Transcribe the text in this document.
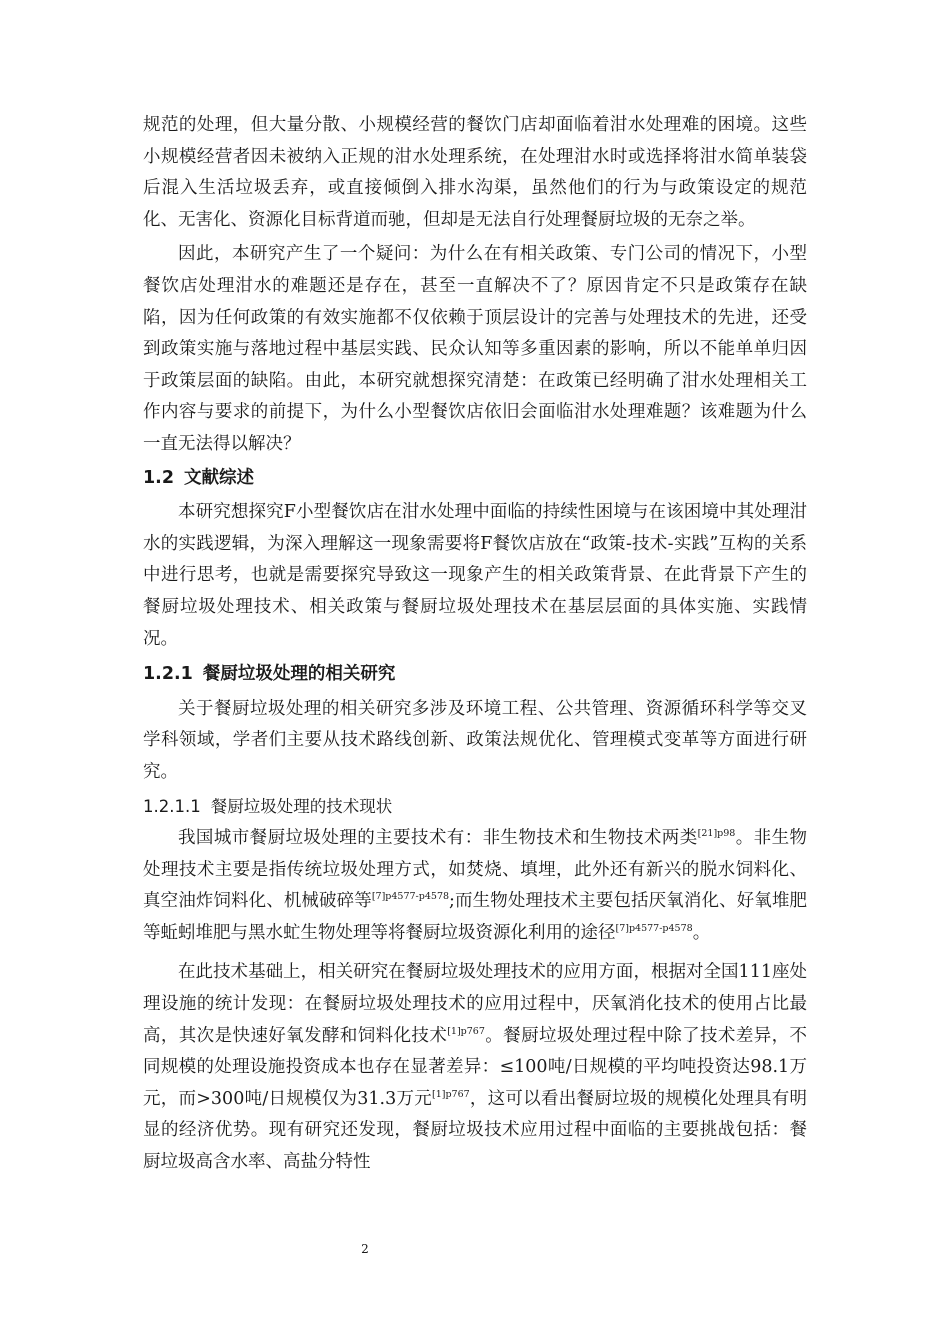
规范的处理，但大量分散、小规模经营的餐饮门店却面临着泔水处理难的困境。这些小规模经营者因未被纳入正规的泔水处理系统，在处理泔水时或选择将泔水简单装袋后混入生活垃圾丢弃，或直接倾倒入排水沟渠，虽然他们的行为与政策设定的规范化、无害化、资源化目标背道而驰，但却是无法自行处理餐厨垃圾的无奈之举。

因此，本研究产生了一个疑问：为什么在有相关政策、专门公司的情况下，小型餐饮店处理泔水的难题还是存在，甚至一直解决不了？原因肯定不只是政策存在缺陷，因为任何政策的有效实施都不仅依赖于顶层设计的完善与处理技术的先进，还受到政策实施与落地过程中基层实践、民众认知等多重因素的影响，所以不能单单归因于政策层面的缺陷。由此，本研究就想探究清楚：在政策已经明确了泔水处理相关工作内容与要求的前提下，为什么小型餐饮店依旧会面临泔水处理难题？该难题为什么一直无法得以解决？

1.2 文献综述

本研究想探究F小型餐饮店在泔水处理中面临的持续性困境与在该困境中其处理泔水的实践逻辑，为深入理解这一现象需要将F餐饮店放在“政策-技术-实践”互构的关系中进行思考，也就是需要探究导致这一现象产生的相关政策背景、在此背景下产生的餐厨垃圾处理技术、相关政策与餐厨垃圾处理技术在基层层面的具体实施、实践情况。

1.2.1 餐厨垃圾处理的相关研究

关于餐厨垃圾处理的相关研究多涉及环境工程、公共管理、资源循环科学等交叉学科领域，学者们主要从技术路线创新、政策法规优化、管理模式变革等方面进行研究。

1.2.1.1 餐厨垃圾处理的技术现状

我国城市餐厨垃圾处理的主要技术有：非生物技术和生物技术两类$^{[21]p98}$。非生物处理技术主要是指传统垃圾处理方式，如焚烧、填埋，此外还有新兴的脱水饲料化、真空油炸饲料化、机械破碎等$^{[7]p4577-p4578}$;而生物处理技术主要包括厌氧消化、好氧堆肥等蚯蚓堆肥与黑水虻生物处理等将餐厨垃圾资源化利用的途径$^{[7]p4577-p4578}$。

在此技术基础上，相关研究在餐厨垃圾处理技术的应用方面，根据对全国111座处理设施的统计发现：在餐厨垃圾处理技术的应用过程中，厌氧消化技术的使用占比最高，其次是快速好氧发酵和饲料化技术$^{[1]p767}$。餐厨垃圾处理过程中除了技术差异，不同规模的处理设施投资成本也存在显著差异：≤100吨/日规模的平均吨投资达98.1万元，而>300吨/日规模仅为31.3万元$^{[1]p767}$，这可以看出餐厨垃圾的规模化处理具有明显的经济优势。现有研究还发现，餐厨垃圾技术应用过程中面临的主要挑战包括：餐厨垃圾高含水率、高盐分特性

2
